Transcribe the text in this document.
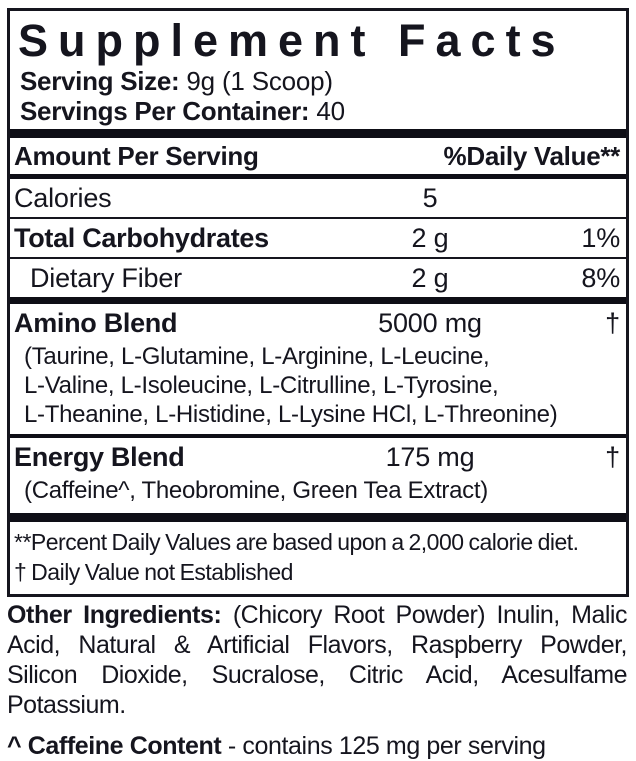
Supplement Facts
Serving Size: 9g (1 Scoop)
Servings Per Container: 40
Amount Per Serving	%Daily Value**
Calories	5
Total Carbohydrates	2 g	1%
Dietary Fiber	2 g	8%
Amino Blend	5000 mg	†
(Taurine, L-Glutamine, L-Arginine, L-Leucine,
L-Valine, L-Isoleucine, L-Citrulline, L-Tyrosine,
L-Theanine, L-Histidine, L-Lysine HCl, L-Threonine)
Energy Blend	175 mg	†
(Caffeine^, Theobromine, Green Tea Extract)
**Percent Daily Values are based upon a 2,000 calorie diet.
† Daily Value not Established

Other Ingredients: (Chicory Root Powder) Inulin, Malic Acid, Natural & Artificial Flavors, Raspberry Powder, Silicon Dioxide, Sucralose, Citric Acid, Acesulfame Potassium.

^ Caffeine Content - contains 125 mg per serving
